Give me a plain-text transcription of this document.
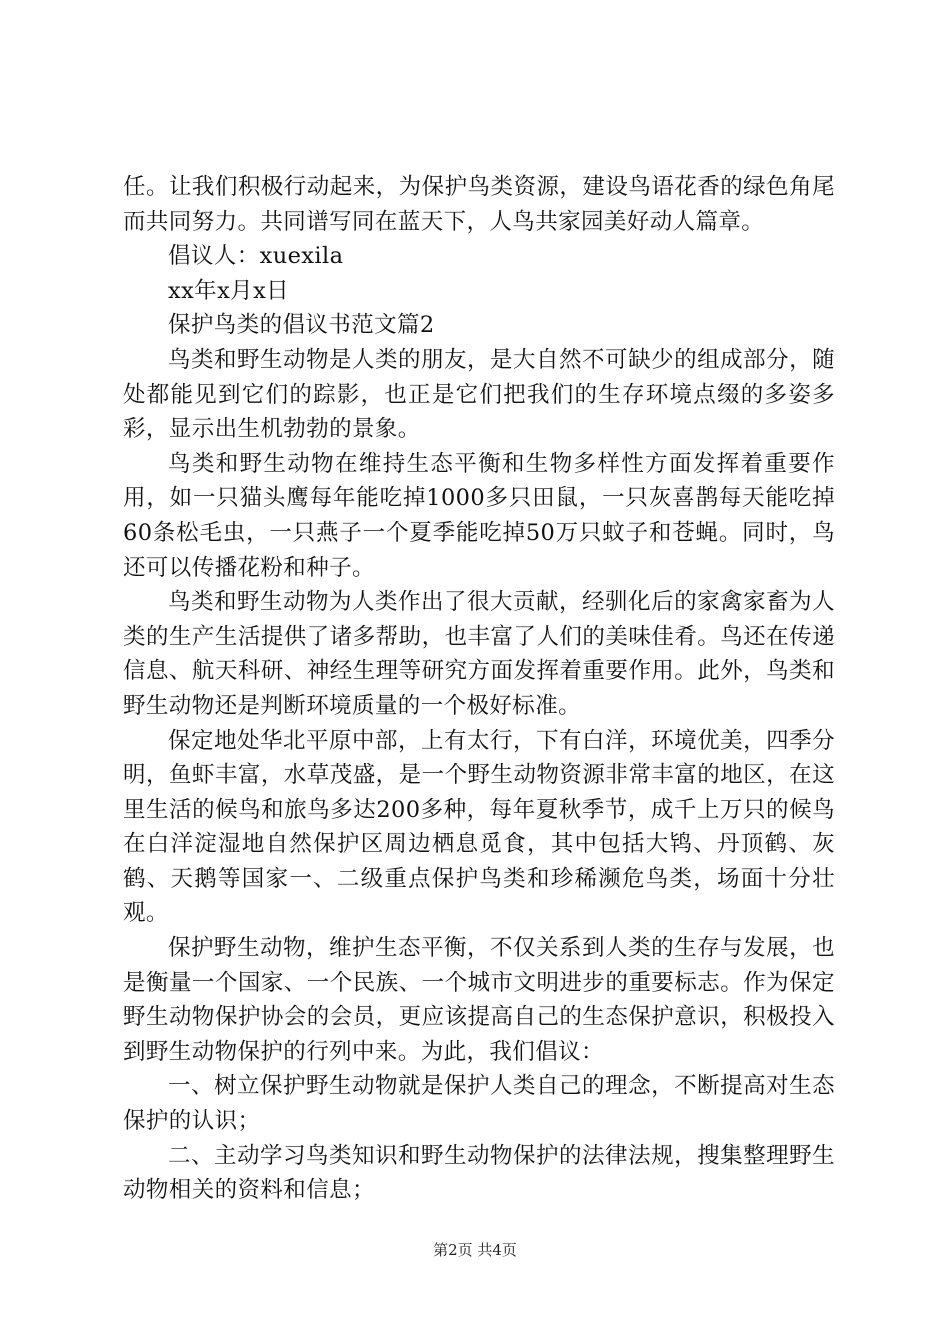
任。让我们积极行动起来，为保护鸟类资源，建设鸟语花香的绿色角尾而共同努力。共同谱写同在蓝天下，人鸟共家园美好动人篇章。

倡议人：xuexila

xx年x月x日

保护鸟类的倡议书范文篇2

鸟类和野生动物是人类的朋友，是大自然不可缺少的组成部分，随处都能见到它们的踪影，也正是它们把我们的生存环境点缀的多姿多彩，显示出生机勃勃的景象。

鸟类和野生动物在维持生态平衡和生物多样性方面发挥着重要作用，如一只猫头鹰每年能吃掉1000多只田鼠，一只灰喜鹊每天能吃掉60条松毛虫，一只燕子一个夏季能吃掉50万只蚊子和苍蝇。同时，鸟还可以传播花粉和种子。

鸟类和野生动物为人类作出了很大贡献，经驯化后的家禽家畜为人类的生产生活提供了诸多帮助，也丰富了人们的美味佳肴。鸟还在传递信息、航天科研、神经生理等研究方面发挥着重要作用。此外，鸟类和野生动物还是判断环境质量的一个极好标准。

保定地处华北平原中部，上有太行，下有白洋，环境优美，四季分明，鱼虾丰富，水草茂盛，是一个野生动物资源非常丰富的地区，在这里生活的候鸟和旅鸟多达200多种，每年夏秋季节，成千上万只的候鸟在白洋淀湿地自然保护区周边栖息觅食，其中包括大鸨、丹顶鹤、灰鹤、天鹅等国家一、二级重点保护鸟类和珍稀濒危鸟类，场面十分壮观。

保护野生动物，维护生态平衡，不仅关系到人类的生存与发展，也是衡量一个国家、一个民族、一个城市文明进步的重要标志。作为保定野生动物保护协会的会员，更应该提高自己的生态保护意识，积极投入到野生动物保护的行列中来。为此，我们倡议：

一、树立保护野生动物就是保护人类自己的理念，不断提高对生态保护的认识；

二、主动学习鸟类知识和野生动物保护的法律法规，搜集整理野生动物相关的资料和信息；

第2页 共4页
